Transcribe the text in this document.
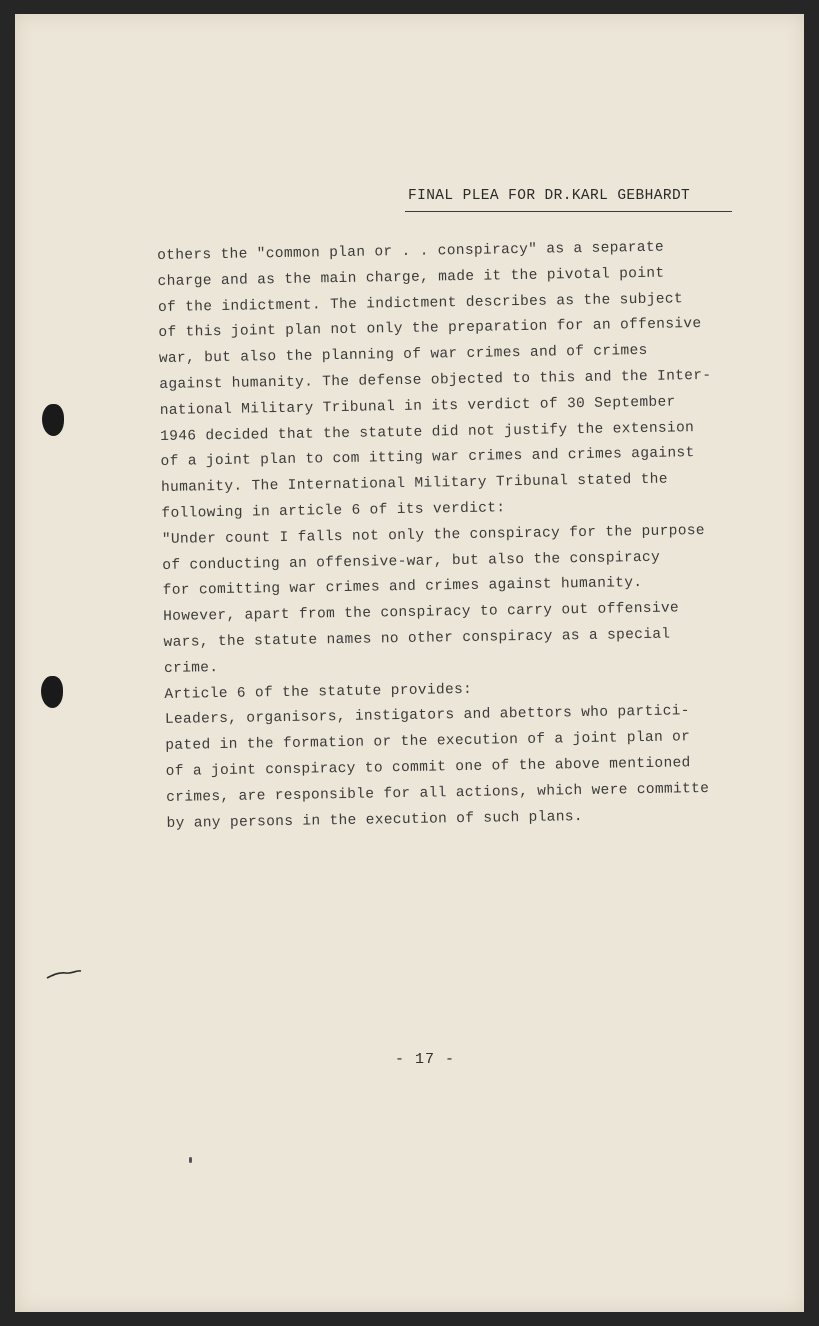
FINAL PLEA FOR DR.KARL GEBHARDT
others the "common plan or . . conspiracy" as a separate
charge and as the main charge, made it the pivotal point
of the indictment. The indictment describes as the subject
of this joint plan not only the preparation for an offensive
war, but also the planning of war crimes and of crimes
against humanity. The defense objected to this and the Inter-
national Military Tribunal in its verdict of 30 September
1946 decided that the statute did not justify the extension
of a joint plan to com itting war crimes and crimes against
humanity. The International Military Tribunal stated the
following in article 6 of its verdict:
"Under count I falls not only the conspiracy for the purpose
of conducting an offensive-war, but also the conspiracy
for comitting war crimes and crimes against humanity.
However, apart from the conspiracy to carry out offensive
wars, the statute names no other conspiracy as a special
crime.
Article 6 of the statute provides:
Leaders, organisors, instigators and abettors who partici-
pated in the formation or the execution of a joint plan or
of a joint conspiracy to commit one of the above mentioned
crimes, are responsible for all actions, which were committe
by any persons in the execution of such plans.
- 17 -
